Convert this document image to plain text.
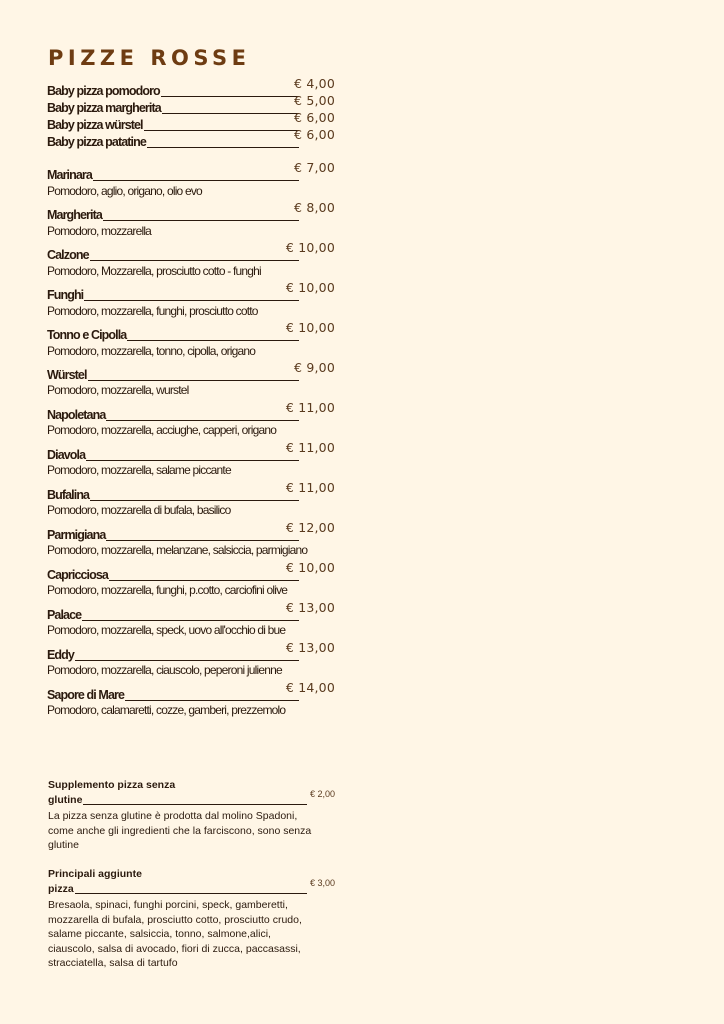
PIZZE ROSSE
Baby pizza pomodoro	€ 4,00
Baby pizza margherita	€ 5,00
Baby pizza würstel	€ 6,00
Baby pizza patatine	€ 6,00
Marinara	€ 7,00
Pomodoro, aglio, origano, olio evo
Margherita	€ 8,00
Pomodoro, mozzarella
Calzone	€ 10,00
Pomodoro, Mozzarella, prosciutto cotto - funghi
Funghi	€ 10,00
Pomodoro, mozzarella, funghi, prosciutto cotto
Tonno e Cipolla	€ 10,00
Pomodoro, mozzarella, tonno, cipolla, origano
Würstel	€ 9,00
Pomodoro, mozzarella, wurstel
Napoletana	€ 11,00
Pomodoro, mozzarella, acciughe, capperi, origano
Diavola	€ 11,00
Pomodoro, mozzarella, salame piccante
Bufalina	€ 11,00
Pomodoro, mozzarella di bufala, basilico
Parmigiana	€ 12,00
Pomodoro, mozzarella, melanzane, salsiccia, parmigiano
Capricciosa	€ 10,00
Pomodoro, mozzarella, funghi, p.cotto, carciofini olive
Palace	€ 13,00
Pomodoro, mozzarella, speck, uovo all'occhio di bue
Eddy	€ 13,00
Pomodoro, mozzarella, ciauscolo, peperoni julienne
Sapore di Mare	€ 14,00
Pomodoro, calamaretti, cozze, gamberi, prezzemolo
Supplemento pizza senza
glutine	€ 2,00
La pizza senza glutine è prodotta dal molino Spadoni, come anche gli ingredienti che la farciscono, sono senza glutine
Principali aggiunte
pizza	€ 3,00
Bresaola, spinaci, funghi porcini, speck, gamberetti, mozzarella di bufala, prosciutto cotto, prosciutto crudo, salame piccante, salsiccia, tonno, salmone,alici, ciauscolo, salsa di avocado, fiori di zucca, paccasassi, stracciatella, salsa di tartufo
